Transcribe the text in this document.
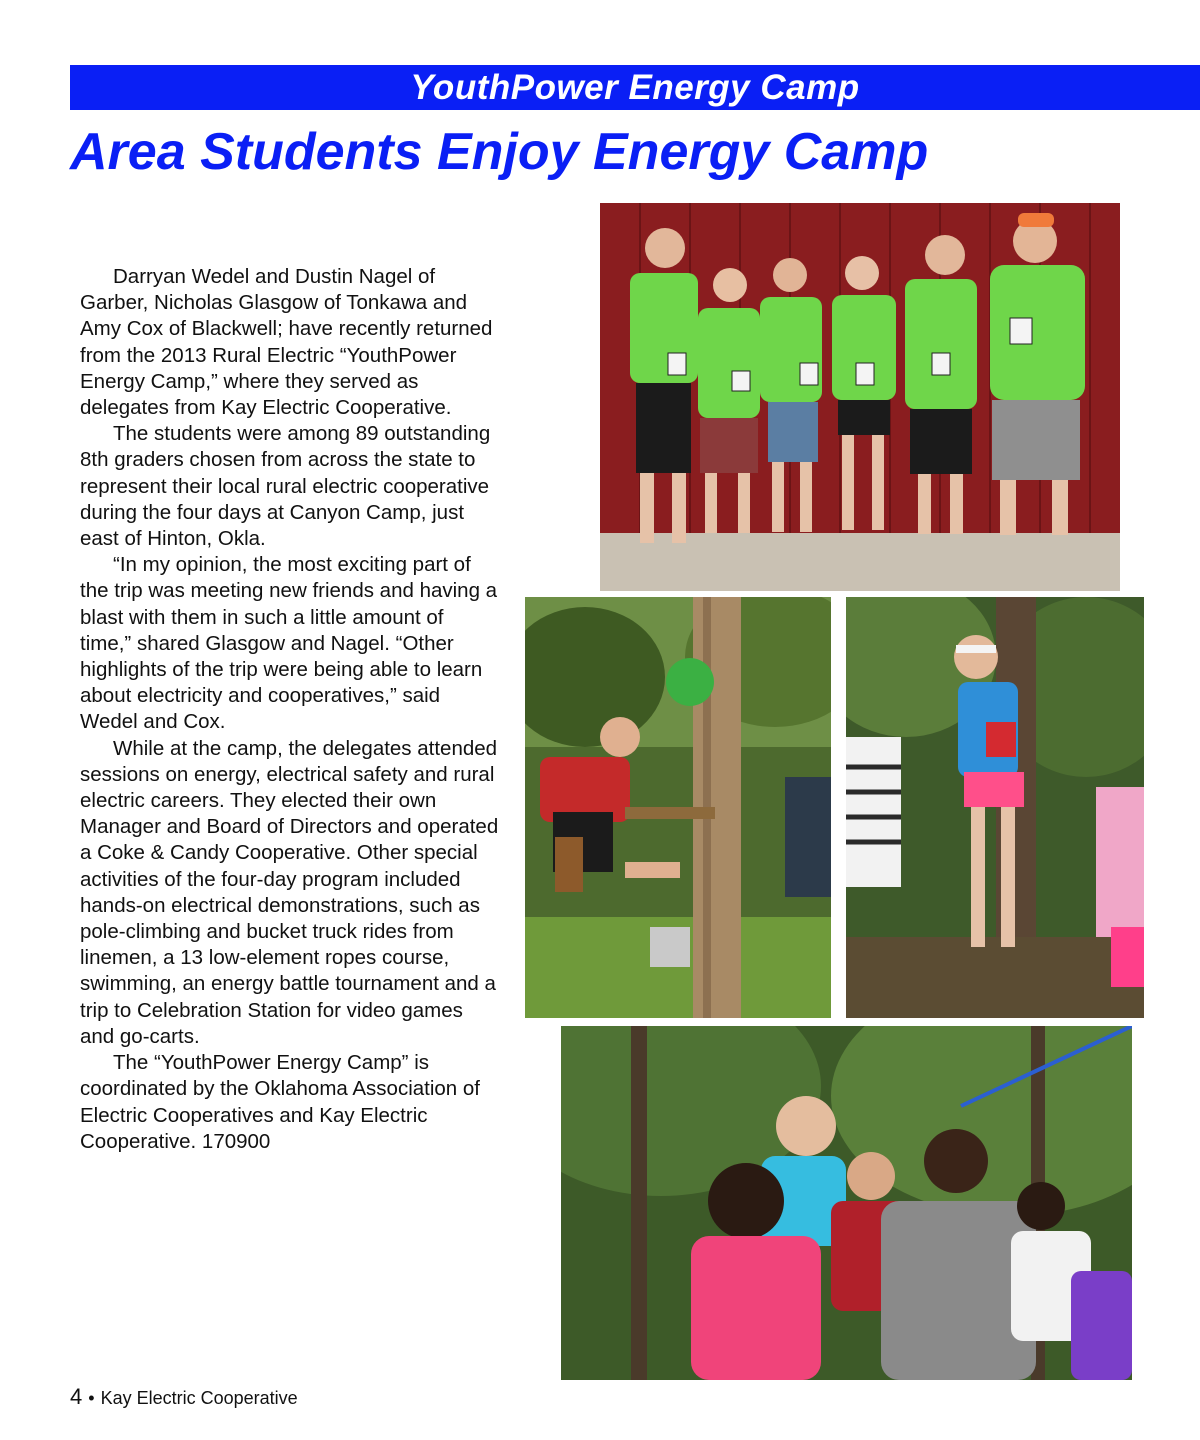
YouthPower Energy Camp
Area Students Enjoy Energy Camp

Darryan Wedel and Dustin Nagel of Garber, Nicholas Glasgow of Tonkawa and Amy Cox of Blackwell; have recently returned from the 2013 Rural Electric “YouthPower Energy Camp,” where they served as delegates from Kay Electric Cooperative.

The students were among 89 outstanding 8th graders chosen from across the state to represent their local rural electric cooperative during the four days at Canyon Camp, just east of Hinton, Okla.

“In my opinion, the most exciting part of the trip was meeting new friends and having a blast with them in such a little amount of time,” shared Glasgow and Nagel. “Other highlights of the trip were being able to learn about electricity and cooperatives,” said Wedel and Cox.

While at the camp, the delegates attended sessions on energy, electrical safety and rural electric careers. They elected their own Manager and Board of Directors and operated a Coke & Candy Cooperative. Other special activities of the four-day program included hands-on electrical demonstrations, such as pole-climbing and bucket truck rides from linemen, a 13 low-element ropes course, swimming, an energy battle tournament and a trip to Celebration Station for video games and go-carts.

The “YouthPower Energy Camp” is coordinated by the Oklahoma Association of Electric Cooperatives and Kay Electric Cooperative. 170900

4 • Kay Electric Cooperative
